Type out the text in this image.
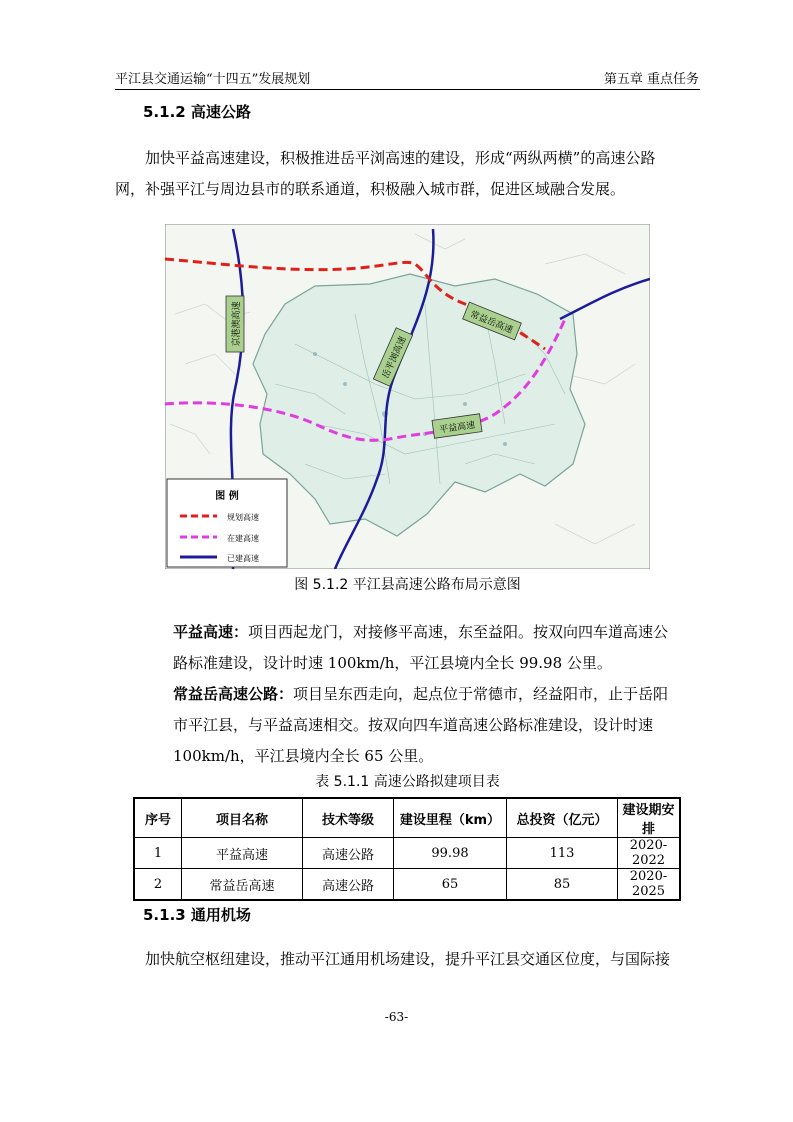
平江县交通运输“十四五”发展规划	第五章 重点任务
5.1.2 高速公路
加快平益高速建设，积极推进岳平浏高速的建设，形成“两纵两横”的高速公路
网，补强平江与周边县市的联系通道，积极融入城市群，促进区域融合发展。
京港澳高速
岳平浏高速
常益岳高速
平益高速
图 例
规划高速
在建高速
已建高速
图 5.1.2 平江县高速公路布局示意图
平益高速：项目西起龙门，对接修平高速，东至益阳。按双向四车道高速公
路标准建设，设计时速 100km/h，平江县境内全长 99.98 公里。
常益岳高速公路：项目呈东西走向，起点位于常德市，经益阳市，止于岳阳
市平江县，与平益高速相交。按双向四车道高速公路标准建设，设计时速
100km/h，平江县境内全长 65 公里。
表 5.1.1 高速公路拟建项目表
序号	项目名称	技术等级	建设里程（km）	总投资（亿元）	建设期安排
1	平益高速	高速公路	99.98	113	2020-2022
2	常益岳高速	高速公路	65	85	2020-2025
5.1.3 通用机场
加快航空枢纽建设，推动平江通用机场建设，提升平江县交通区位度，与国际接
-63-
